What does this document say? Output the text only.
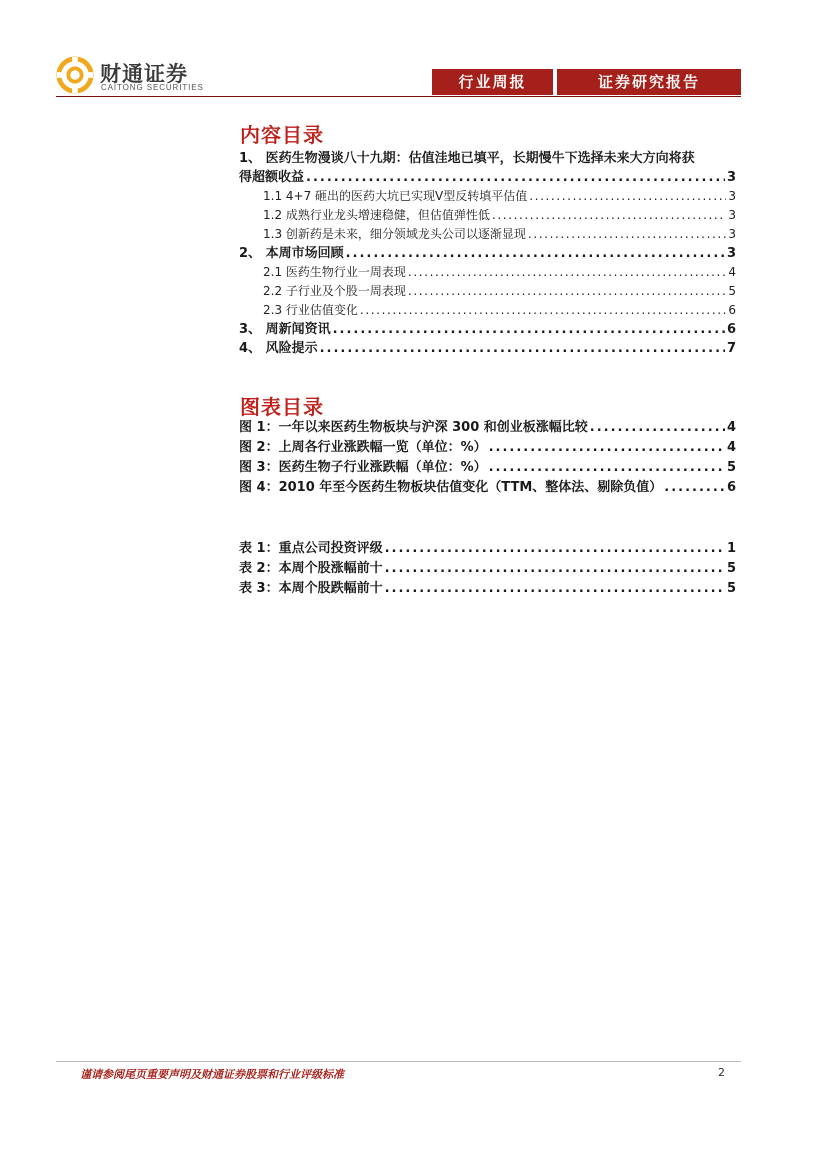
财通证券
CAITONG SECURITIES	行业周报	证券研究报告
内容目录
1、 医药生物漫谈八十九期：估值洼地已填平，长期慢牛下选择未来大方向将获
得超额收益 .....	3
1.1 4+7 砸出的医药大坑已实现Ⅴ型反转填平估值 .....	3
1.2 成熟行业龙头增速稳健，但估值弹性低 .....	3
1.3 创新药是未来，细分领域龙头公司以逐渐显现 .....	3
2、 本周市场回顾 .....	3
2.1 医药生物行业一周表现 .....	4
2.2 子行业及个股一周表现 .....	5
2.3 行业估值变化 .....	6
3、 周新闻资讯 .....	6
4、 风险提示 .....	7
图表目录
图 1：一年以来医药生物板块与沪深 300 和创业板涨幅比较 .....	4
图 2：上周各行业涨跌幅一览（单位：%） .....	4
图 3：医药生物子行业涨跌幅（单位：%） .....	5
图 4：2010 年至今医药生物板块估值变化（TTM、整体法、剔除负值） .....	6
表 1：重点公司投资评级 .....	1
表 2：本周个股涨幅前十 .....	5
表 3：本周个股跌幅前十 .....	5
谨请参阅尾页重要声明及财通证券股票和行业评级标准	2
